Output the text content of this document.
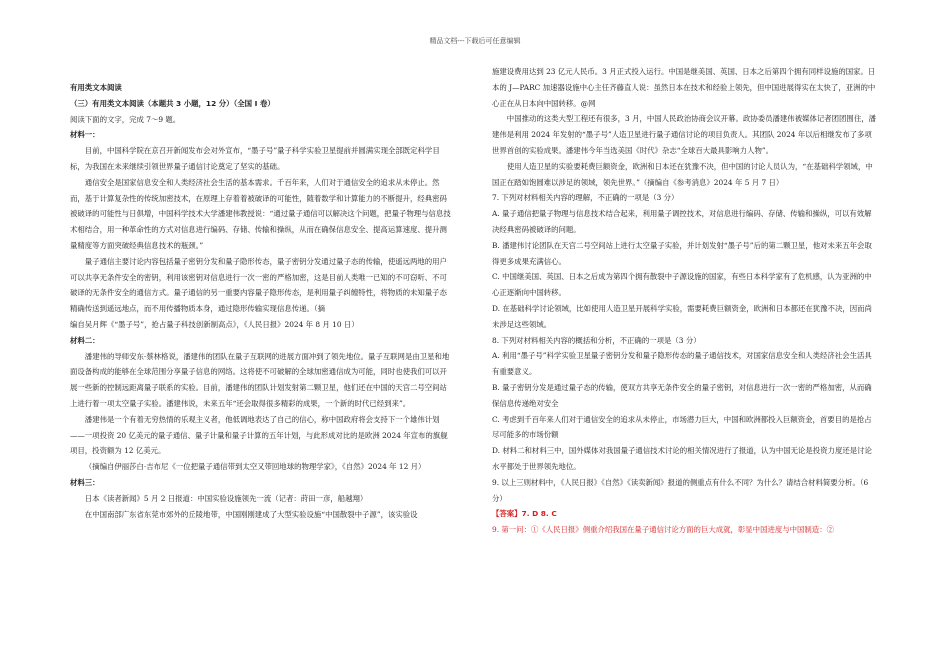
精品文档---下载后可任意编辑

有用类文本阅读

（三）有用类文本阅读（本题共 3 小题，12 分）（全国 I 卷）

阅读下面的文字，完成 7～9 题。

材料一：

目前，中国科学院在京召开新闻发布会对外宣布，“墨子号”量子科学实验卫星提前并圆满实现全部既定科学目标，为我国在未来继续引领世界量子通信讨论奠定了坚实的基础。

通信安全是国家信息安全和人类经济社会生活的基本需求。千百年来，人们对于通信安全的追求从未停止。然而，基于计算复杂性的传统加密技术，在原理上存着着被破译的可能性，随着数学和计算能力的不断提升，经典密码被破译的可能性与日俱增，中国科学技术大学潘建伟教授说：“通过量子通信可以解决这个问题，把量子物理与信息技术相结合，用一种革命性的方式对信息进行编码、存储、传输和操纵，从而在确保信息安全、提高运算速度、提升测量精度等方面突破经典信息技术的瓶颈。”

量子通信主要讨论内容包括量子密钥分发和量子隐形传态，量子密钥分发通过量子态的传输，使遥远两地的用户可以共享无条件安全的密钥，利用该密钥对信息进行一次一密的严格加密，这是目前人类唯一已知的不可窃听、不可破译的无条件安全的通信方式。量子通信的另一重要内容量子隐形传态，是利用量子纠缠特性，将物质的未知量子态精确传送到遥远地点，而不用传播物质本身，通过隐形传输实现信息传递。（摘

编自吴月辉《“墨子号”，抢占量子科技创新制高点》，《人民日报》2024 年 8 月 10 日）

材料二：

潘建伟的导师安东·蔡林格说，潘建伟的团队在量子互联网的进展方面冲到了领先地位。量子互联网是由卫星和地面设备构成的能够在全球范围分享量子信息的网络。这将使不可破解的全球加密通信成为可能，同时也使我们可以开展一些新的控制远距离量子联系的实验。目前，潘建伟的团队计划发射第二颗卫星，他们还在中国的天宫二号空间站上进行着一项太空量子实验。潘建伟说，未来五年“还会取得很多精彩的成果，一个新的时代已经到来”。

潘建伟是一个有着无穷热情的乐观主义者，他低调地表达了自己的信心，称中国政府将会支持下一个雄伟计划——一项投资 20 亿美元的量子通信、量子计量和量子计算的五年计划，与此形成对比的是欧洲 2024 年宣布的旗舰项目，投资额为 12 亿美元。

（摘编自伊丽莎白·吉布尼《一位把量子通信带到太空又带回地球的物理学家》，《自然》2024 年 12 月）

材料三：

日本《读者新闻》5 月 2 日报道：中国实验设施领先一流（记者：莳田一彦，船越翔）

在中国南部广东省东莞市郊外的丘陵地带，中国刚刚建成了大型实验设施“中国散裂中子源”，该实验设

施建设费用达到 23 亿元人民币。3 月正式投入运行。中国是继美国、英国、日本之后第四个拥有同样设施的国家。日本的 J—PARC 加速器设施中心主任齐藤直人说：虽然日本在技术和经验上领先，但中国进展得实在太快了，亚洲的中心正在从日本向中国转移。@网

中国推动的这类大型工程还有很多，3 月，中国人民政治协商会议开幕。政协委员潘建伟被媒体记者团团围住，潘建伟是利用 2024 年发射的“墨子号”人造卫星进行量子通信讨论的项目负责人。其团队 2024 年以后相继发布了多项世界首创的实验成果。潘建伟今年当选美国《时代》杂志“全球百大最具影响力人物”。

使用人造卫星的实验要耗费巨额资金，欧洲和日本还在犹豫不决，但中国的讨论人员认为，“在基础科学领域，中国正在踏如饱圆难以涉足的领域，领先世界。”（摘编自《参考消息》2024 年 5 月 7 日）

7. 下列对材料相关内容的理解，不正确的一项是（3 分）

A. 量子通信把量子物理与信息技术结合起来，利用量子调控技术，对信息进行编码、存储、传输和操纵，可以有效解决经典密码被破译的问题。

B. 潘建伟讨论团队在天宫二号空间站上进行太空量子实验，并计划发射“墨子号”后的第二颗卫星，他对未来五年会取得更多成果充满信心。

C. 中国继美国、英国、日本之后成为第四个拥有散裂中子源设施的国家，有些日本科学家有了危机感，认为亚洲的中心正逐渐向中国转移。

D. 在基础科学讨论领域，比如使用人造卫星开展科学实验，需要耗费巨额资金，欧洲和日本都还在犹豫不决，因而尚未涉足这些领域。

8. 下列对材料相关内容的概括和分析，不正确的一项是（3 分）

A. 利用“墨子号”科学实验卫星量子密钥分发和量子隐形传态的量子通信技术，对国家信息安全和人类经济社会生活具有重要意义。

B. 量子密钥分发是通过量子态的传输，使双方共享无条件安全的量子密钥，对信息进行一次一密的严格加密，从而确保信息传递绝对安全

C. 考虑到千百年来人们对于通信安全的追求从未停止，市场潜力巨大，中国和欧洲都投入巨额资金，首要目的是抢占尽可能多的市场份额

D. 材料二和材料三中，国外媒体对我国量子通信技术讨论的相关情况进行了报道，认为中国无论是投资力度还是讨论水平都处于世界领先地位。

9. 以上三则材料中，《人民日报》《自然》《读卖新闻》报道的侧重点有什么不同？为什么？请结合材料简要分析。（6 分）

【答案】7. D 8. C

9. 第一问：①《人民日报》侧重介绍我国在量子通信讨论方面的巨大成就，彰显中国进度与中国制造：②
